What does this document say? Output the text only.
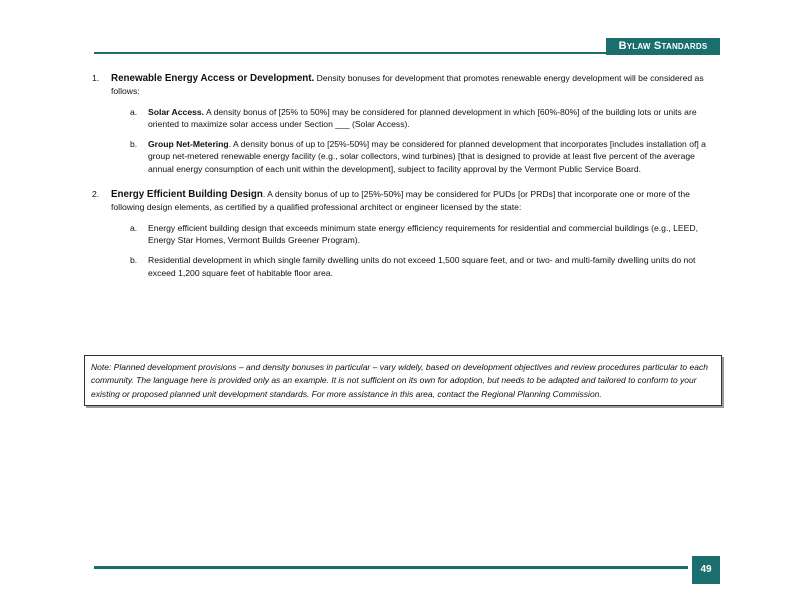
Bylaw Standards
1. Renewable Energy Access or Development. Density bonuses for development that promotes renewable energy development will be considered as follows:
a. Solar Access. A density bonus of [25% to 50%] may be considered for planned development in which [60%-80%] of the building lots or units are oriented to maximize solar access under Section ___ (Solar Access).
b. Group Net-Metering. A density bonus of up to [25%-50%] may be considered for planned development that incorporates [includes installation of] a group net-metered renewable energy facility (e.g., solar collectors, wind turbines) [that is designed to provide at least five percent of the average annual energy consumption of each unit within the development], subject to facility approval by the Vermont Public Service Board.
2. Energy Efficient Building Design. A density bonus of up to [25%-50%] may be considered for PUDs [or PRDs] that incorporate one or more of the following design elements, as certified by a qualified professional architect or engineer licensed by the state:
a. Energy efficient building design that exceeds minimum state energy efficiency requirements for residential and commercial buildings (e.g., LEED, Energy Star Homes, Vermont Builds Greener Program).
b. Residential development in which single family dwelling units do not exceed 1,500 square feet, and or two- and multi-family dwelling units do not exceed 1,200 square feet of habitable floor area.
Note: Planned development provisions – and density bonuses in particular – vary widely, based on development objectives and review procedures particular to each community. The language here is provided only as an example. It is not sufficient on its own for adoption, but needs to be adapted and tailored to conform to your existing or proposed planned unit development standards. For more assistance in this area, contact the Regional Planning Commission.
49
